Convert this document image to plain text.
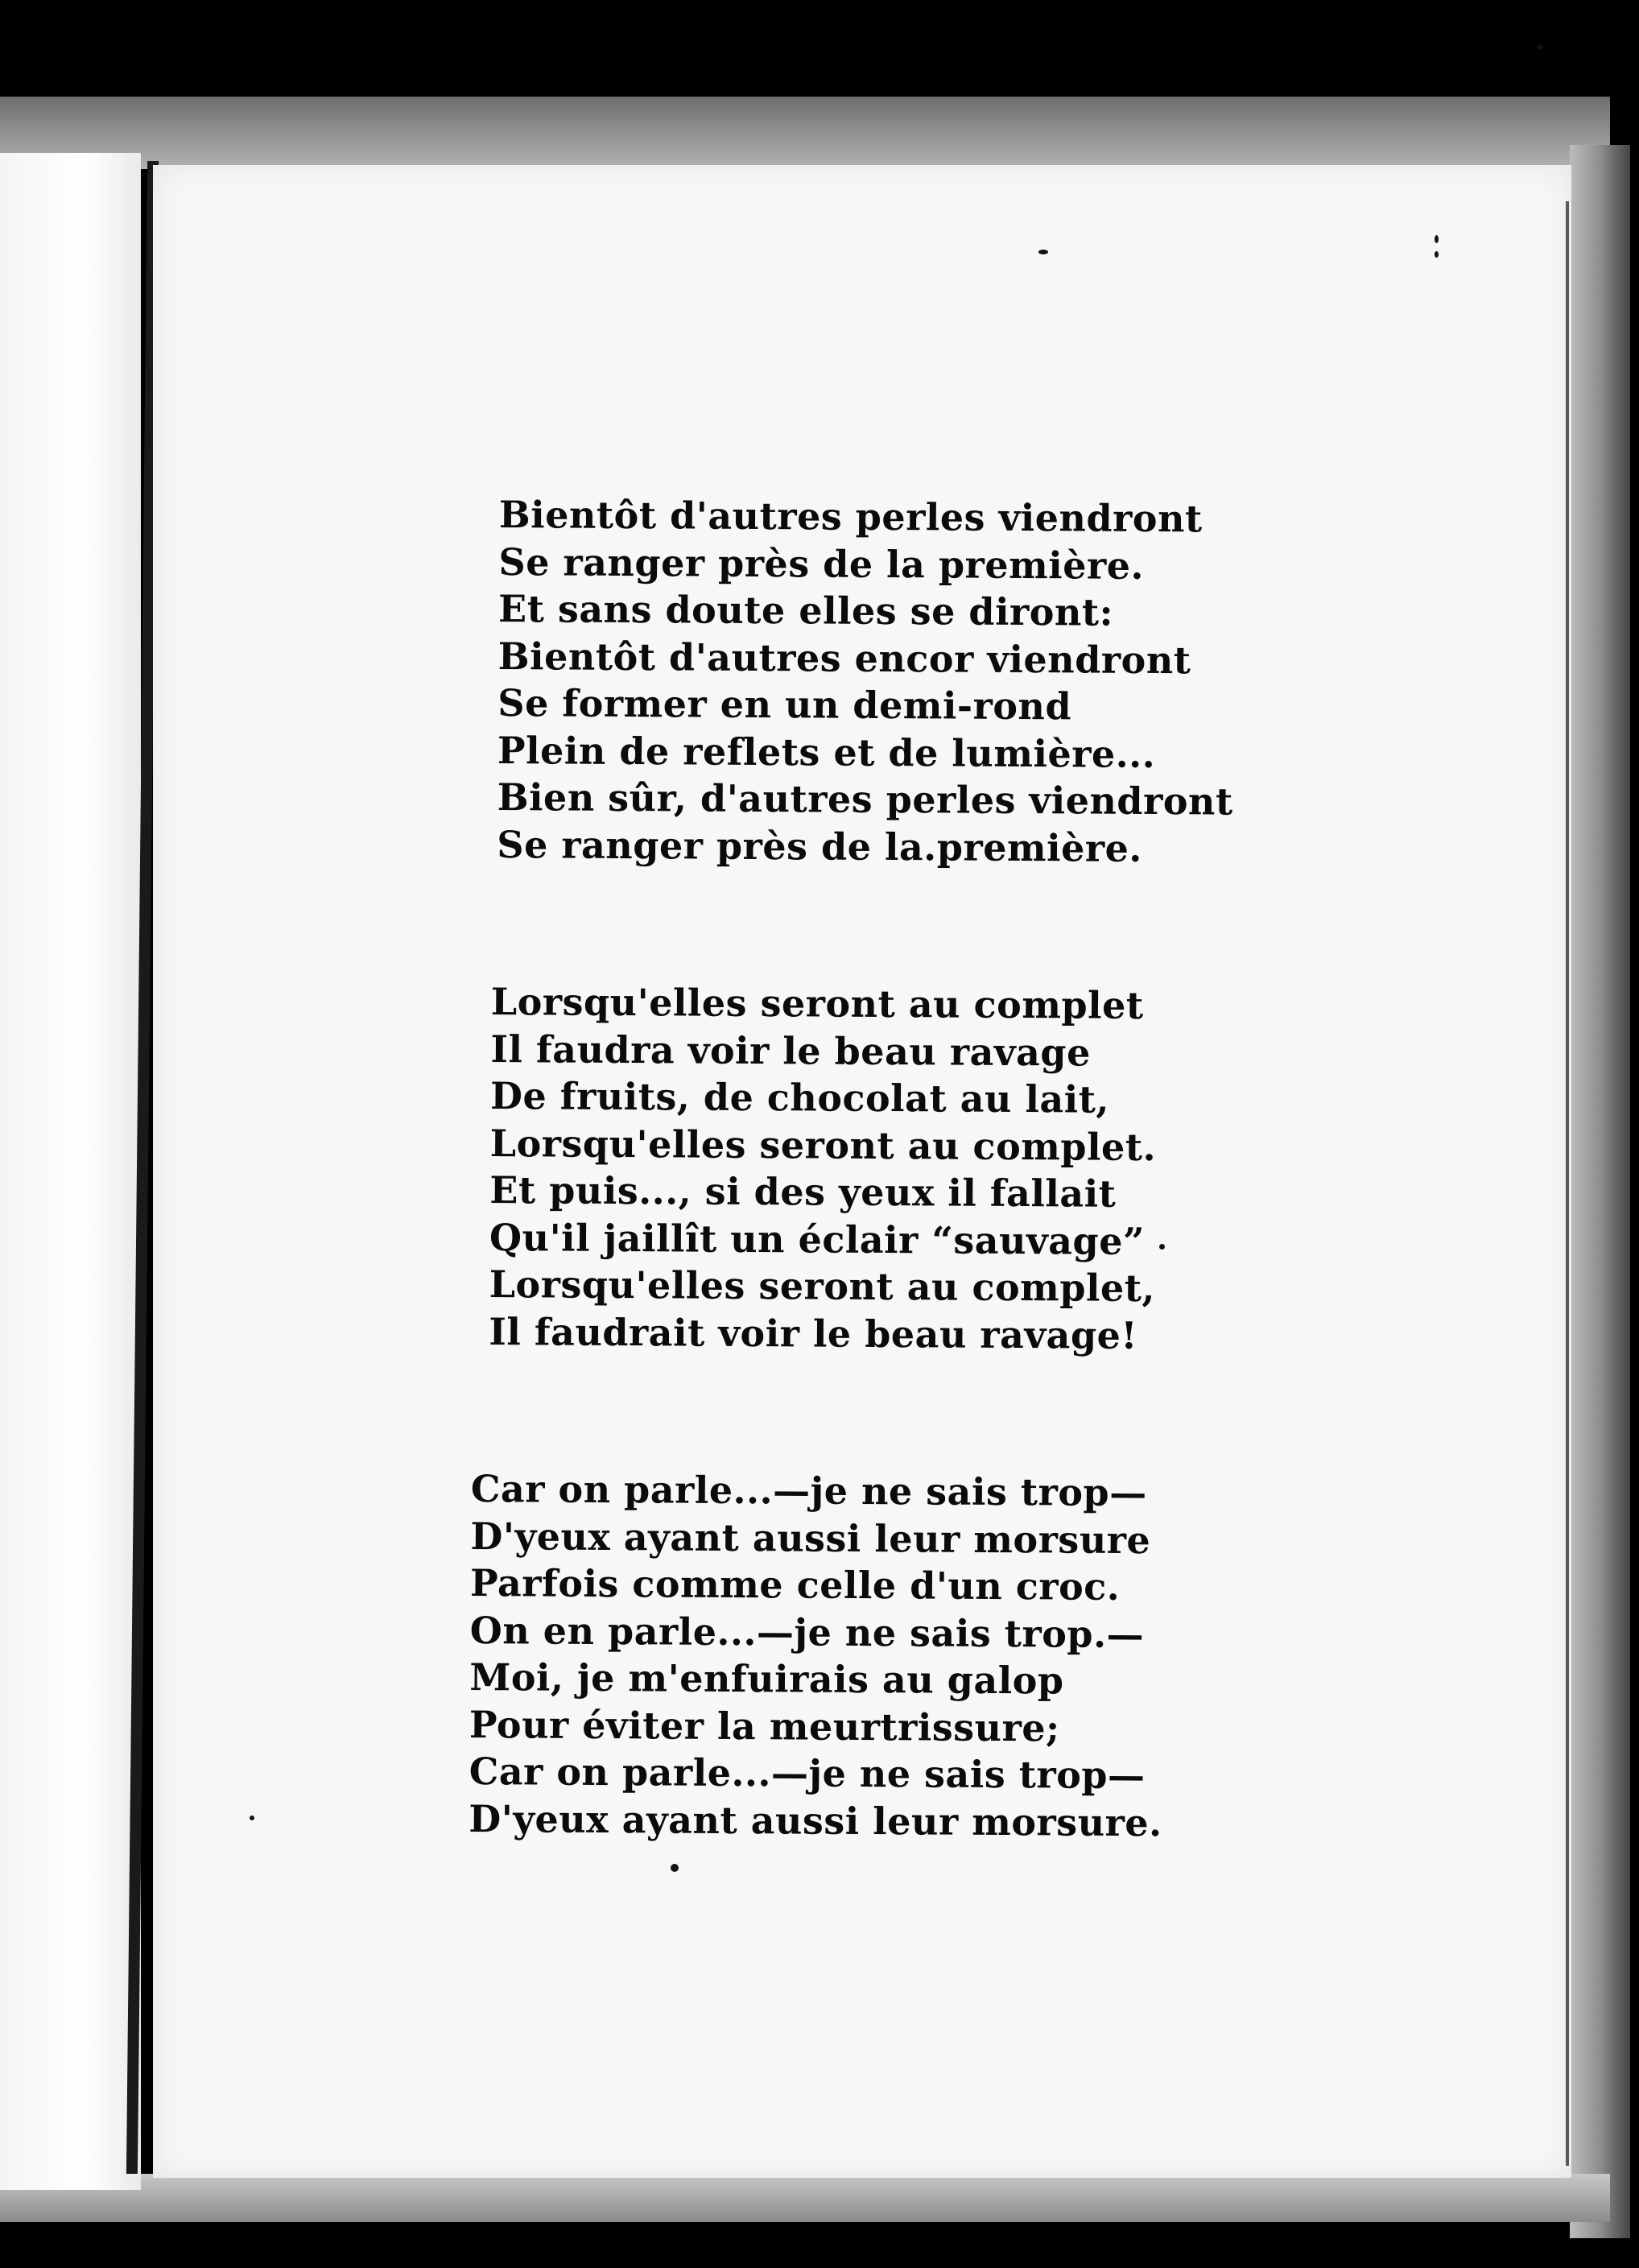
Bientôt d'autres perles viendront
Se ranger près de la première.
Et sans doute elles se diront:
Bientôt d'autres encor viendront
Se former en un demi-rond
Plein de reflets et de lumière...
Bien sûr, d'autres perles viendront
Se ranger près de la.première.
Lorsqu'elles seront au complet
Il faudra voir le beau ravage
De fruits, de chocolat au lait,
Lorsqu'elles seront au complet.
Et puis..., si des yeux il fallait
Qu'il jaillît un éclair “sauvage”
Lorsqu'elles seront au complet,
Il faudrait voir le beau ravage!
Car on parle...—je ne sais trop—
D'yeux ayant aussi leur morsure
Parfois comme celle d'un croc.
On en parle...—je ne sais trop.—
Moi, je m'enfuirais au galop
Pour éviter la meurtrissure;
Car on parle...—je ne sais trop—
D'yeux ayant aussi leur morsure.
